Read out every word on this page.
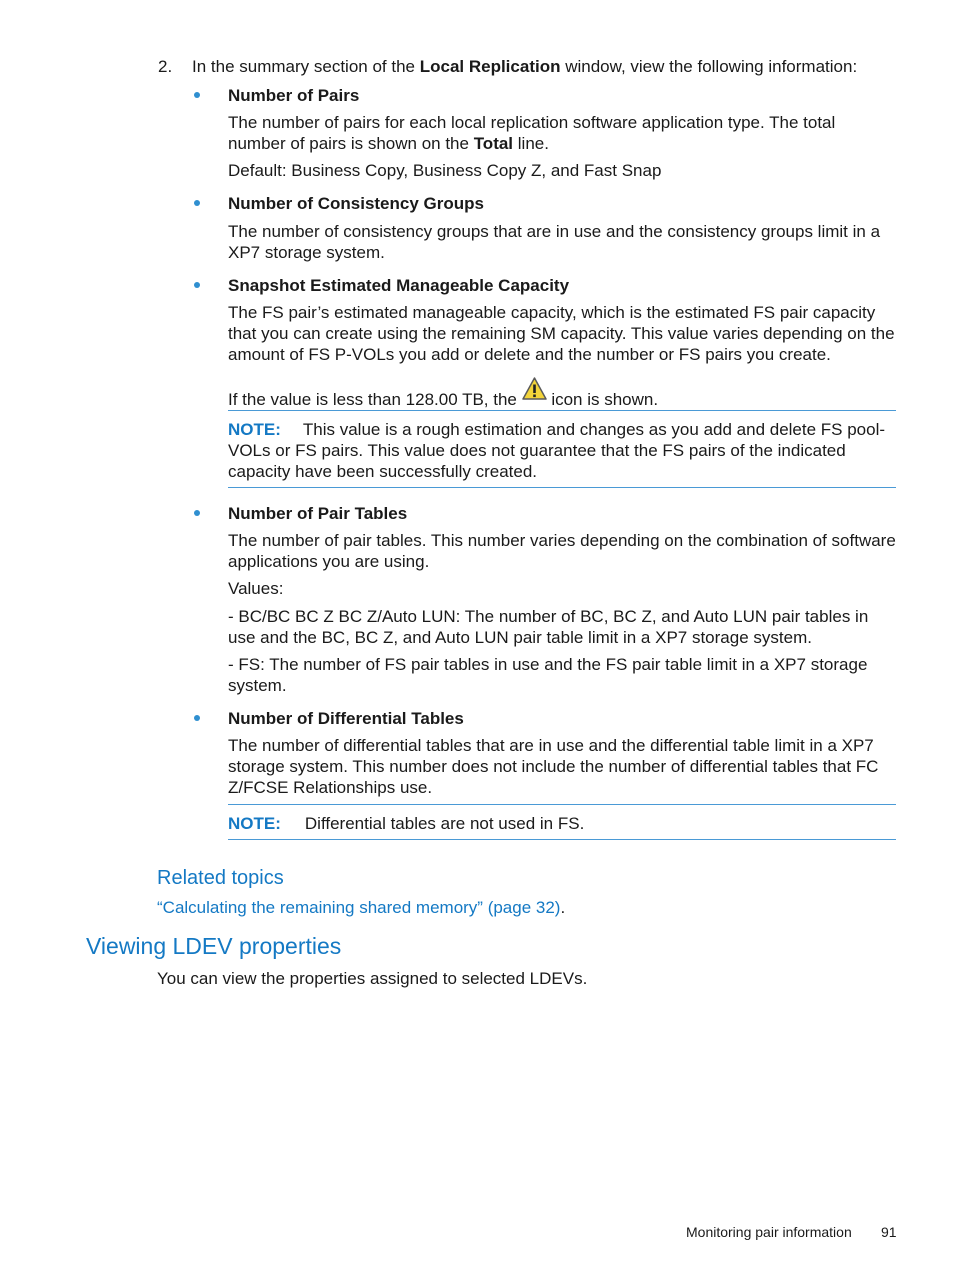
2. In the summary section of the Local Replication window, view the following information:

Number of Pairs

The number of pairs for each local replication software application type. The total number of pairs is shown on the Total line.

Default: Business Copy, Business Copy Z, and Fast Snap

Number of Consistency Groups

The number of consistency groups that are in use and the consistency groups limit in a XP7 storage system.

Snapshot Estimated Manageable Capacity

The FS pair’s estimated manageable capacity, which is the estimated FS pair capacity that you can create using the remaining SM capacity. This value varies depending on the amount of FS P-VOLs you add or delete and the number or FS pairs you create.

If the value is less than 128.00 TB, the  icon is shown.

NOTE: This value is a rough estimation and changes as you add and delete FS pool-VOLs or FS pairs. This value does not guarantee that the FS pairs of the indicated capacity have been successfully created.

Number of Pair Tables

The number of pair tables. This number varies depending on the combination of software applications you are using.

Values:

- BC/BC BC Z BC Z/Auto LUN: The number of BC, BC Z, and Auto LUN pair tables in use and the BC, BC Z, and Auto LUN pair table limit in a XP7 storage system.

- FS: The number of FS pair tables in use and the FS pair table limit in a XP7 storage system.

Number of Differential Tables

The number of differential tables that are in use and the differential table limit in a XP7 storage system. This number does not include the number of differential tables that FC Z/FCSE Relationships use.

NOTE: Differential tables are not used in FS.

Related topics
“Calculating the remaining shared memory” (page 32).
Viewing LDEV properties
You can view the properties assigned to selected LDEVs.
Monitoring pair information 91
